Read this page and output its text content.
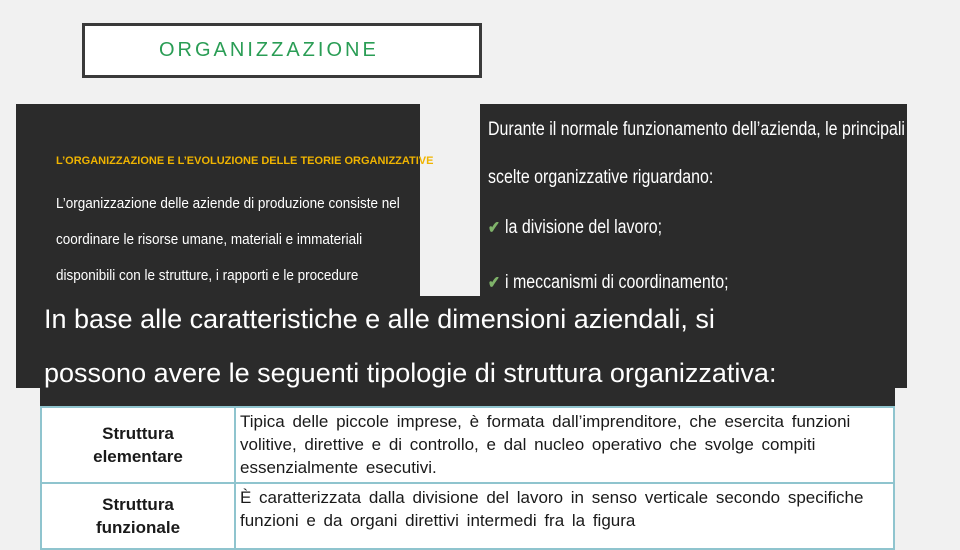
ORGANIZZAZIONE
L’ORGANIZZAZIONE E L’EVOLUZIONE DELLE TEORIE ORGANIZZATIVE
L’organizzazione delle aziende di produzione consiste nel
coordinare le risorse umane, materiali e immateriali
disponibili con le strutture, i rapporti e le procedure
Durante il normale funzionamento dell’azienda, le principali
scelte organizzative riguardano:
✔ la divisione del lavoro;
✔ i meccanismi di coordinamento;
In base alle caratteristiche e alle dimensioni aziendali, si
possono avere le seguenti tipologie di struttura organizzativa:
Struttura
elementare	Tipica delle piccole imprese, è formata dall’imprenditore, che esercita funzioni volitive, direttive e di controllo, e dal nucleo operativo che svolge compiti essenzialmente esecutivi.

Struttura
funzionale	È caratterizzata dalla divisione del lavoro in senso verticale secondo specifiche funzioni e da organi direttivi intermedi fra la figura
